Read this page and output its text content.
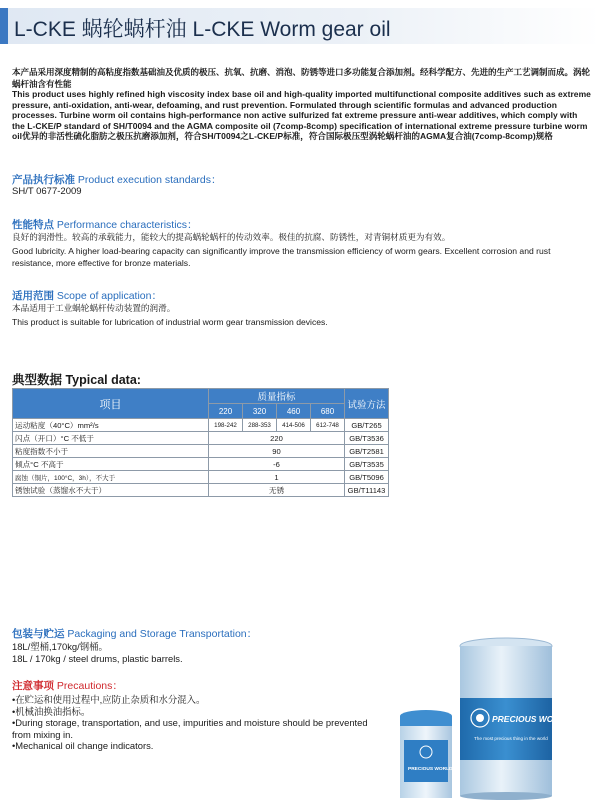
L-CKE 蜗轮蜗杆油 L-CKE Worm gear oil
本产品采用深度精制的高粘度指数基础油及优质的极压、抗氧、抗磨、消泡、防锈等进口多功能复合添加剂。经科学配方、先进的生产工艺调制而成。涡轮蜗杆油含有性能
This product uses highly refined high viscosity index base oil and high-quality imported multifunctional composite additives such as extreme pressure, anti-oxidation, anti-wear, defoaming, and rust prevention. Formulated through scientific formulas and advanced production processes. Turbine worm oil contains high-performance non active sulfurized fat extreme pressure anti-wear additives, which comply with the L-CKE/P standard of SH/T0094 and the AGMA composite oil (7comp-8comp) specification of international extreme pressure turbine worm oil优异的非活性硫化脂肪之极压抗磨添加剂，符合SH/T0094之L-CKE/P标准，符合国际极压型涡轮蜗杆油的AGMA复合油(7comp-8comp)规格
产品执行标准 Product execution standards：
SH/T 0677-2009
性能特点 Performance characteristics：
良好的润滑性。较高的承载能力，能较大的提高蜗轮蜗杆的传动效率。极佳的抗腐、防锈性，对青铜材质更为有效。
Good lubricity. A higher load-bearing capacity can significantly improve the transmission efficiency of worm gears. Excellent corrosion and rust resistance, more effective for bronze materials.
适用范围 Scope of application：
本品适用于工业蜗轮蜗杆传动装置的润滑。
This product is suitable for lubrication of industrial worm gear transmission devices.
典型数据 Typical data:
项目	质量指标				试验方法
	220	320	460	680	
运动粘度（40°C）mm²/s	198-242	288-353	414-506	612-748	GB/T265
闪点（开口）°C 不低于	220				GB/T3536
粘度指数不小于	90				GB/T2581
倾点°C 不高于	-6				GB/T3535
腐蚀（铜片，100°C，3h），不大于	1				GB/T5096
锈蚀试验（蒸馏水不大于）	无锈				GB/T11143
包装与贮运 Packaging and Storage Transportation：
18L/塑桶,170kg/钢桶。
18L / 170kg / steel drums, plastic barrels.
注意事项 Precautions：
•在贮运和使用过程中,应防止杂质和水分混入。
•机械油换油指标。
•During storage, transportation, and use, impurities and moisture should be prevented from mixing in.
•Mechanical oil change indicators.
PRECIOUS WORLD
The most precious thing in the world
PRECIOUS WORLD
